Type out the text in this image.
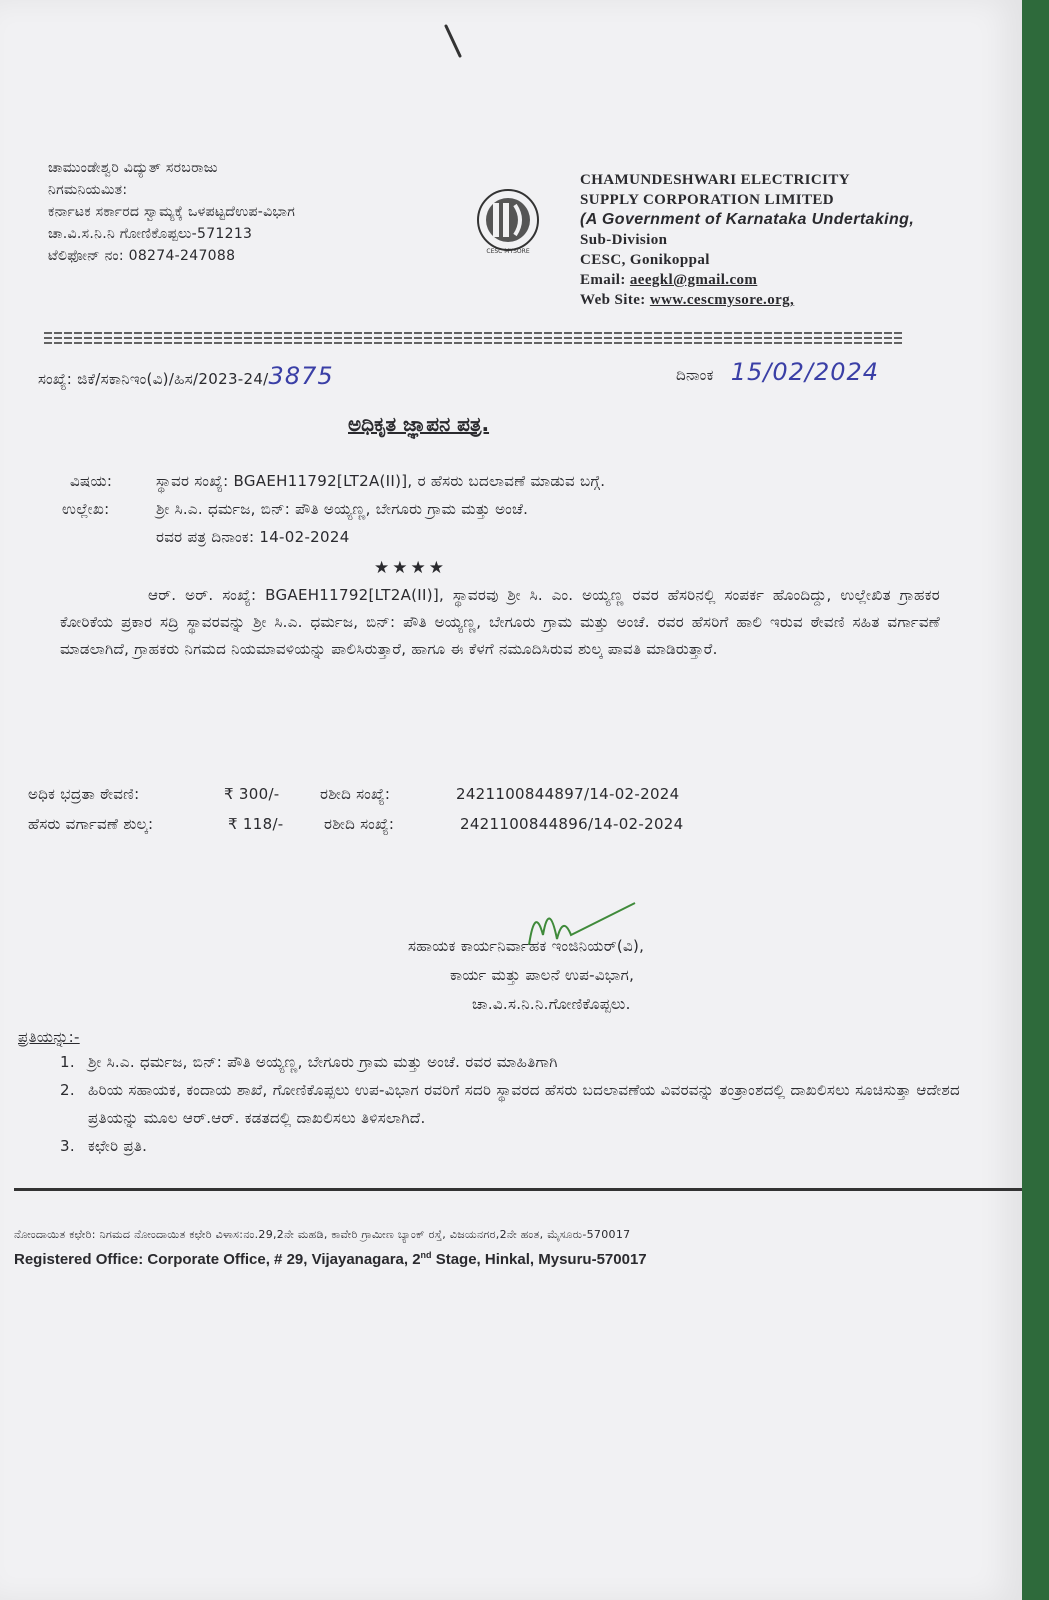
ಚಾಮುಂಡೇಶ್ವರಿ ವಿದ್ಯುತ್ ಸರಬರಾಜು
ನಿಗಮನಿಯಮಿತ:
ಕರ್ನಾಟಕ ಸರ್ಕಾರದ ಸ್ವಾಮ್ಯಕ್ಕೆ ಒಳಪಟ್ಟದೆಉಪ-ವಿಭಾಗ
ಚಾ.ವಿ.ಸ.ನಿ.ನಿ ಗೋಣಿಕೊಪ್ಪಲು-571213
ಟೆಲಿಫೋನ್ ನಂ: 08274-247088	CESC MYSORE
CHAMUNDESHWARI ELECTRICITY
SUPPLY CORPORATION LIMITED
(A Government of Karnataka Undertaking,
Sub-Division
CESC, Gonikoppal
Email: aeegkl@gmail.com
Web Site: www.cescmysore.org,
ಸಂಖ್ಯೆ: ಜಿಕೆ/ಸಕಾನಿಇಂ(ವಿ)/ಹಿಸ/2023-24/3875	ದಿನಾಂಕ 15/02/2024
ಅಧಿಕೃತ ಜ್ಞಾಪನ ಪತ್ರ.
ವಿಷಯ:	ಸ್ಥಾವರ ಸಂಖ್ಯೆ: BGAEH11792[LT2A(II)], ರ ಹೆಸರು ಬದಲಾವಣೆ ಮಾಡುವ ಬಗ್ಗೆ.
ಉಲ್ಲೇಖ:	ಶ್ರೀ ಸಿ.ಎ. ಧರ್ಮಜ, ಬಿನ್: ಪೌತಿ ಅಯ್ಯಣ್ಣ, ಬೇಗೂರು ಗ್ರಾಮ ಮತ್ತು ಅಂಚೆ.
ರವರ ಪತ್ರ ದಿನಾಂಕ: 14-02-2024
★★★★
ಆರ್. ಅರ್. ಸಂಖ್ಯೆ: BGAEH11792[LT2A(II)], ಸ್ಥಾವರವು ಶ್ರೀ ಸಿ. ಎಂ. ಅಯ್ಯಣ್ಣ ರವರ ಹೆಸರಿನಲ್ಲಿ ಸಂಪರ್ಕ ಹೊಂದಿದ್ದು, ಉಲ್ಲೇಖಿತ ಗ್ರಾಹಕರ ಕೋರಿಕೆಯ ಪ್ರಕಾರ ಸದ್ರಿ ಸ್ಥಾವರವನ್ನು ಶ್ರೀ ಸಿ.ಎ. ಧರ್ಮಜ, ಬಿನ್: ಪೌತಿ ಅಯ್ಯಣ್ಣ, ಬೇಗೂರು ಗ್ರಾಮ ಮತ್ತು ಅಂಚೆ. ರವರ ಹೆಸರಿಗೆ ಹಾಲಿ ಇರುವ ಠೇವಣಿ ಸಹಿತ ವರ್ಗಾವಣೆ ಮಾಡಲಾಗಿದೆ, ಗ್ರಾಹಕರು ನಿಗಮದ ನಿಯಮಾವಳಿಯನ್ನು ಪಾಲಿಸಿರುತ್ತಾರೆ, ಹಾಗೂ ಈ ಕೆಳಗೆ ನಮೂದಿಸಿರುವ ಶುಲ್ಕ ಪಾವತಿ ಮಾಡಿರುತ್ತಾರೆ.
ಅಧಿಕ ಭದ್ರತಾ ಠೇವಣಿ:	₹ 300/-	ರಶೀದಿ ಸಂಖ್ಯೆ:	2421100844897/14-02-2024
ಹೆಸರು ವರ್ಗಾವಣೆ ಶುಲ್ಕ:	₹ 118/-	ರಶೀದಿ ಸಂಖ್ಯೆ:	2421100844896/14-02-2024
ಸಹಾಯಕ ಕಾರ್ಯನಿರ್ವಾಹಕ ಇಂಜಿನಿಯರ್(ವಿ),
ಕಾರ್ಯ ಮತ್ತು ಪಾಲನೆ ಉಪ-ವಿಭಾಗ,
ಚಾ.ವಿ.ಸ.ನಿ.ನಿ.ಗೋಣಿಕೊಪ್ಪಲು.
ಪ್ರತಿಯನ್ನು:-
1. ಶ್ರೀ ಸಿ.ಎ. ಧರ್ಮಜ, ಬಿನ್: ಪೌತಿ ಅಯ್ಯಣ್ಣ, ಬೇಗೂರು ಗ್ರಾಮ ಮತ್ತು ಅಂಚೆ. ರವರ ಮಾಹಿತಿಗಾಗಿ
2. ಹಿರಿಯ ಸಹಾಯಕ, ಕಂದಾಯ ಶಾಖೆ, ಗೋಣಿಕೊಪ್ಪಲು ಉಪ-ವಿಭಾಗ ರವರಿಗೆ ಸದರಿ ಸ್ಥಾವರದ ಹೆಸರು ಬದಲಾವಣೆಯ ವಿವರವನ್ನು ತಂತ್ರಾಂಶದಲ್ಲಿ ದಾಖಲಿಸಲು ಸೂಚಿಸುತ್ತಾ ಆದೇಶದ ಪ್ರತಿಯನ್ನು ಮೂಲ ಆರ್.ಆರ್. ಕಡತದಲ್ಲಿ ದಾಖಲಿಸಲು ತಿಳಿಸಲಾಗಿದೆ.
3. ಕಛೇರಿ ಪ್ರತಿ.
ನೋಂದಾಯಿತ ಕಛೇರಿ: ನಿಗಮದ ನೋಂದಾಯಿತ ಕಛೇರಿ ವಿಳಾಸ:ನಂ.29,2ನೇ ಮಹಡಿ, ಕಾವೇರಿ ಗ್ರಾಮೀಣ ಬ್ಯಾಂಕ್ ರಸ್ತೆ, ವಿಜಯನಗರ,2ನೇ ಹಂತ, ಮೈಸೂರು-570017
Registered Office: Corporate Office, # 29, Vijayanagara, 2nd Stage, Hinkal, Mysuru-570017
